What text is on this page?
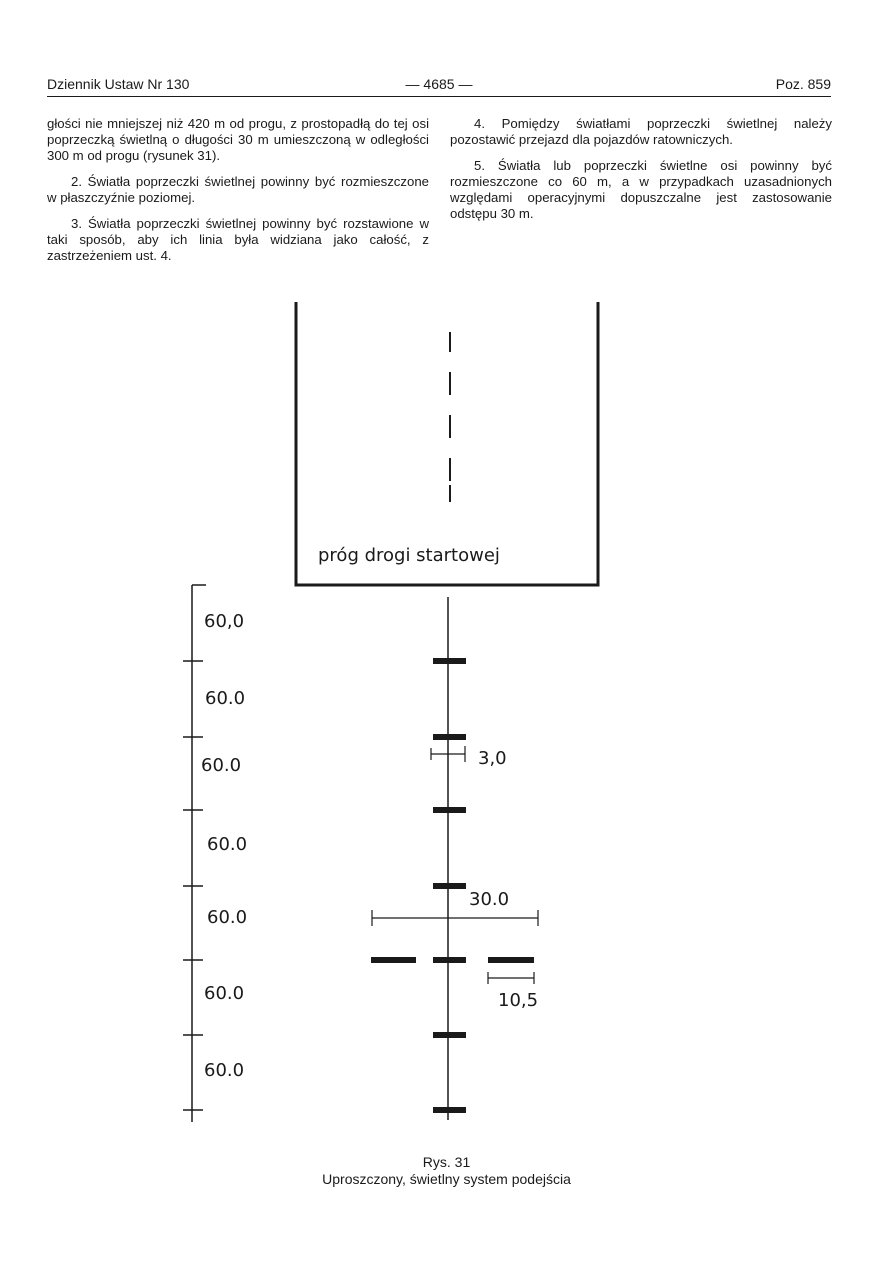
Dziennik Ustaw Nr 130	— 4685 —	Poz. 859

głości nie mniejszej niż 420 m od progu, z prostopadłą do tej osi poprzeczką świetlną o długości 30 m umieszczoną w odległości 300 m od progu (rysunek 31).

2. Światła poprzeczki świetlnej powinny być rozmieszczone w płaszczyźnie poziomej.

3. Światła poprzeczki świetlnej powinny być rozstawione w taki sposób, aby ich linia była widziana jako całość, z zastrzeżeniem ust. 4.

4. Pomiędzy światłami poprzeczki świetlnej należy pozostawić przejazd dla pojazdów ratowniczych.

5. Światła lub poprzeczki świetlne osi powinny być rozmieszczone co 60 m, a w przypadkach uzasadnionych względami operacyjnymi dopuszczalne jest zastosowanie odstępu 30 m.

próg drogi startowej
3,0
30.0
10,5
60,0
60.0
60.0
60.0
60.0
60.0
60.0
Rys. 31
Uproszczony, świetlny system podejścia
